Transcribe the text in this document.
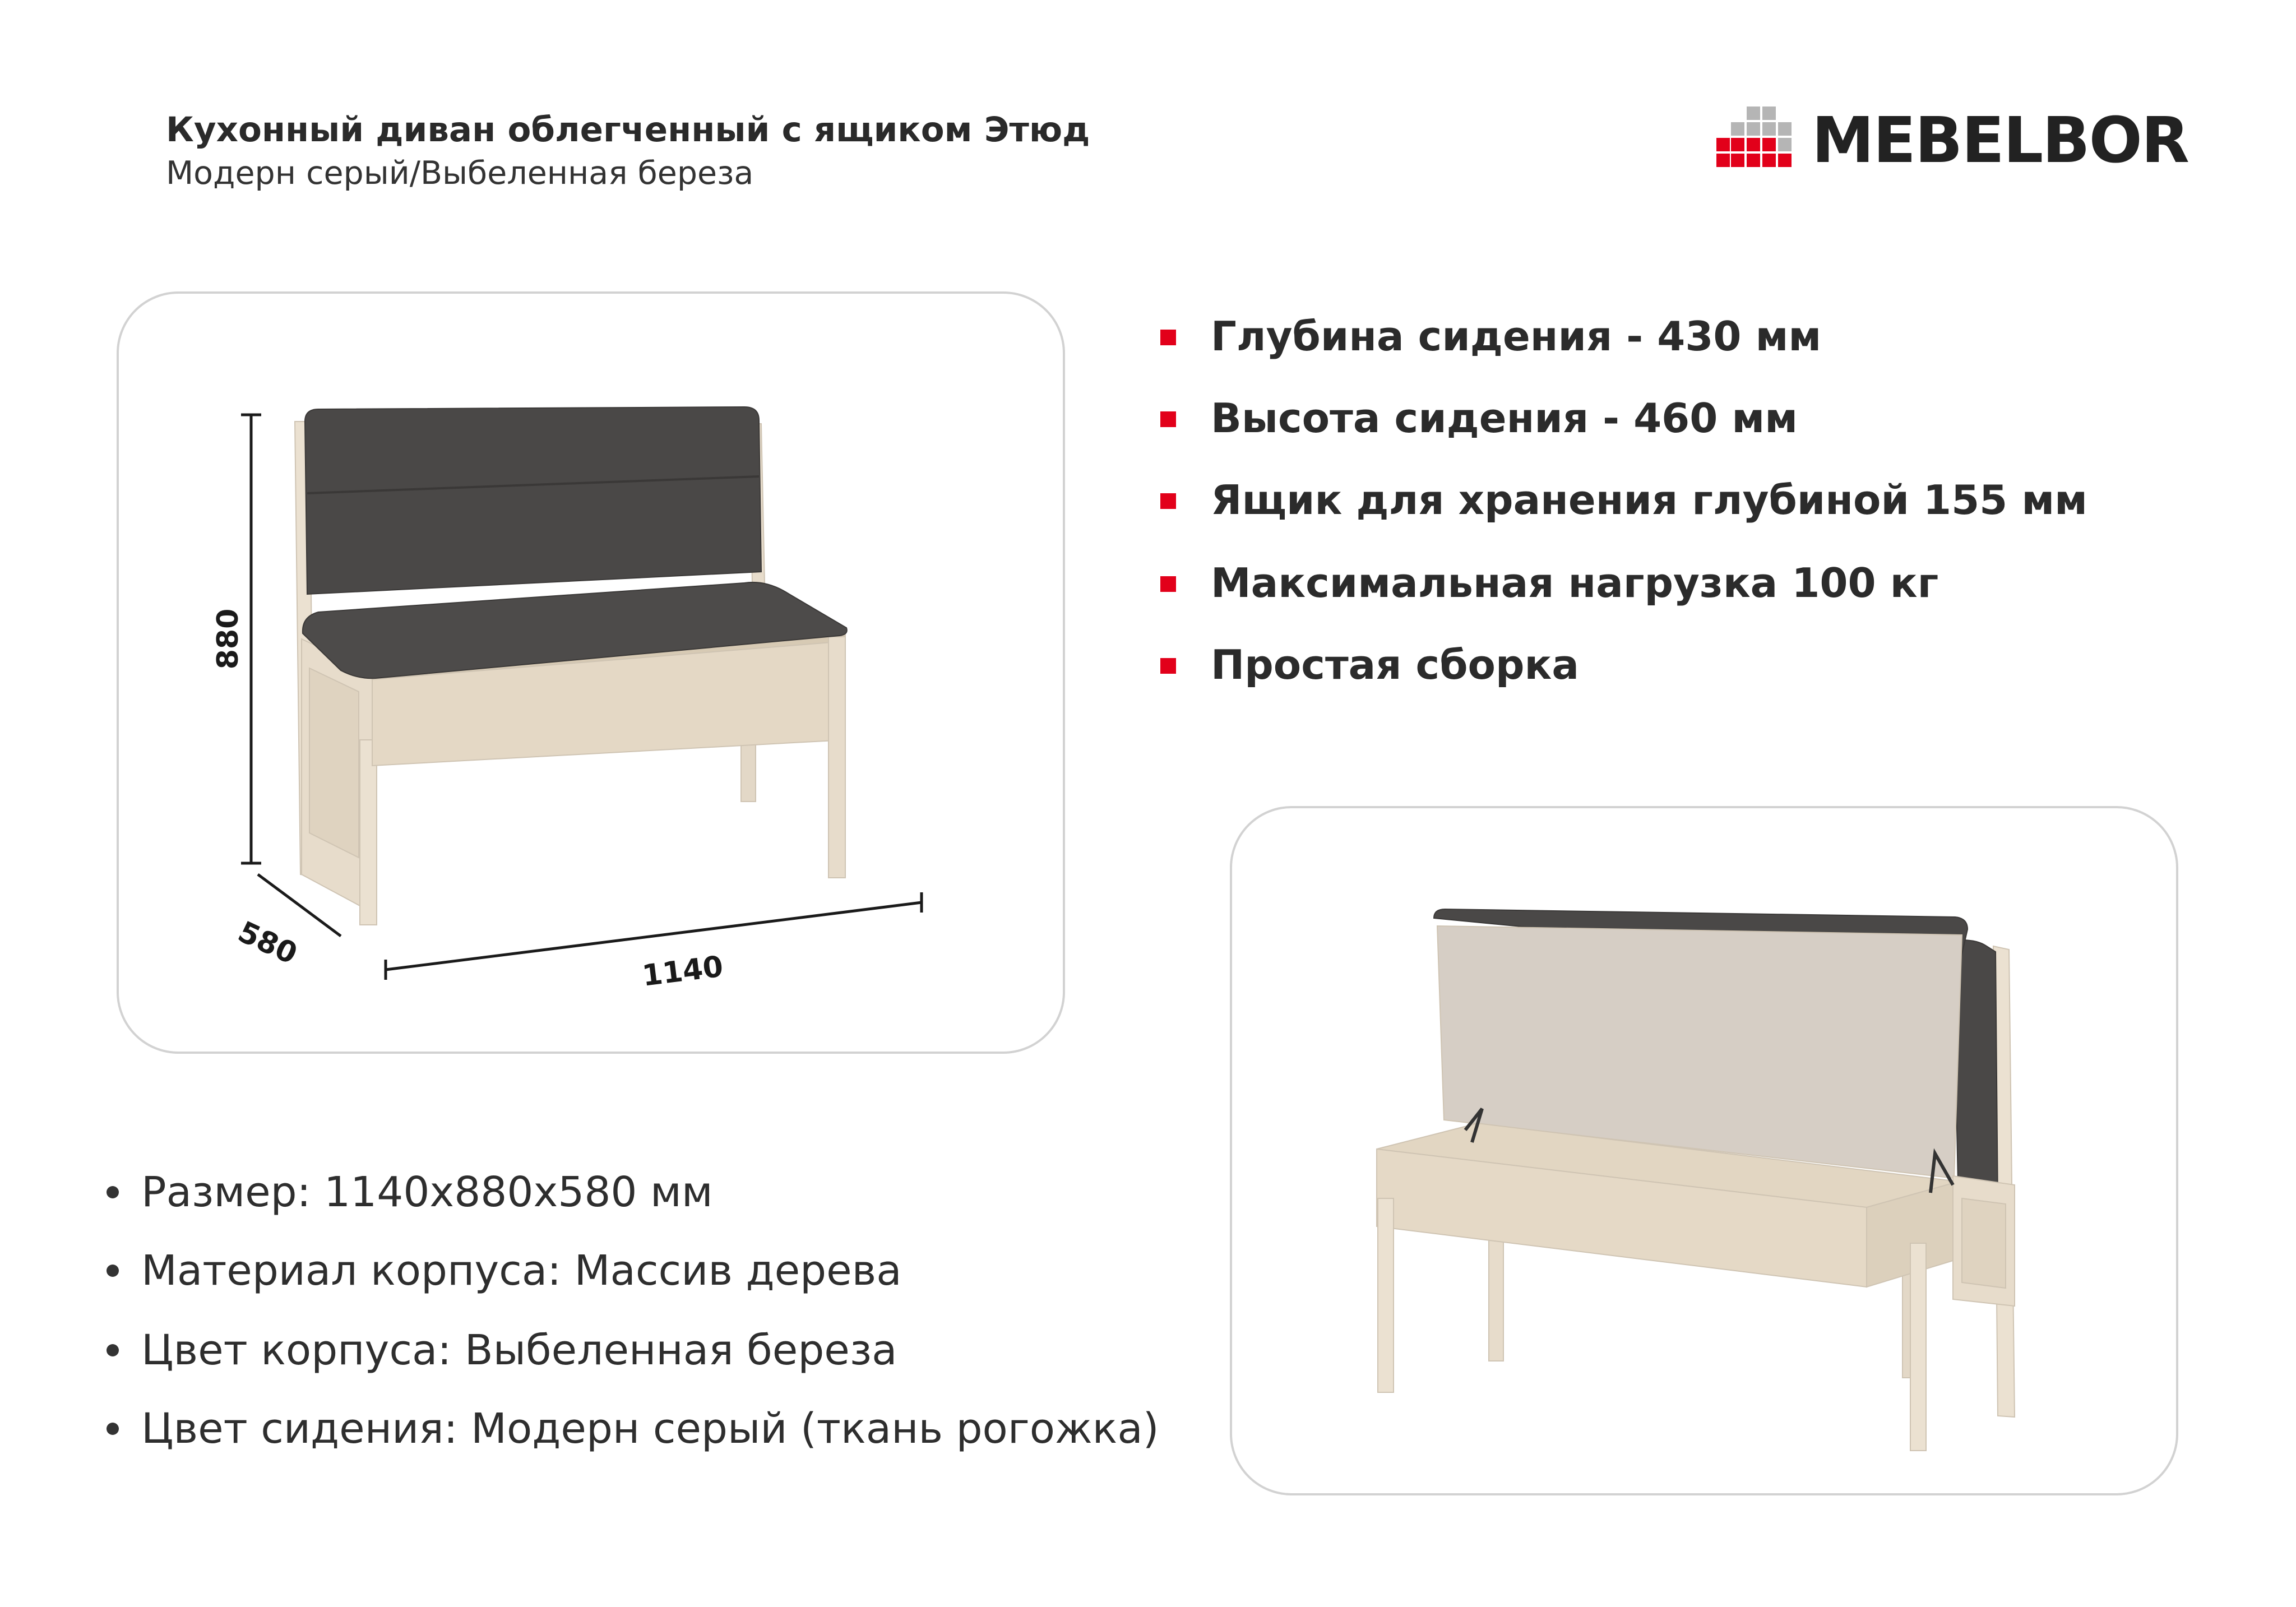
Кухонный диван облегченный с ящиком Этюд
Модерн серый/Выбеленная береза	MEBELBOR
880
580
1140
Глубина сидения - 430 мм
Высота сидения - 460 мм
Ящик для хранения глубиной 155 мм
Максимальная нагрузка 100 кг
Простая сборка
Размер: 1140х880х580 мм
Материал корпуса: Массив дерева
Цвет корпуса: Выбеленная береза
Цвет сидения: Модерн серый (ткань рогожка)
